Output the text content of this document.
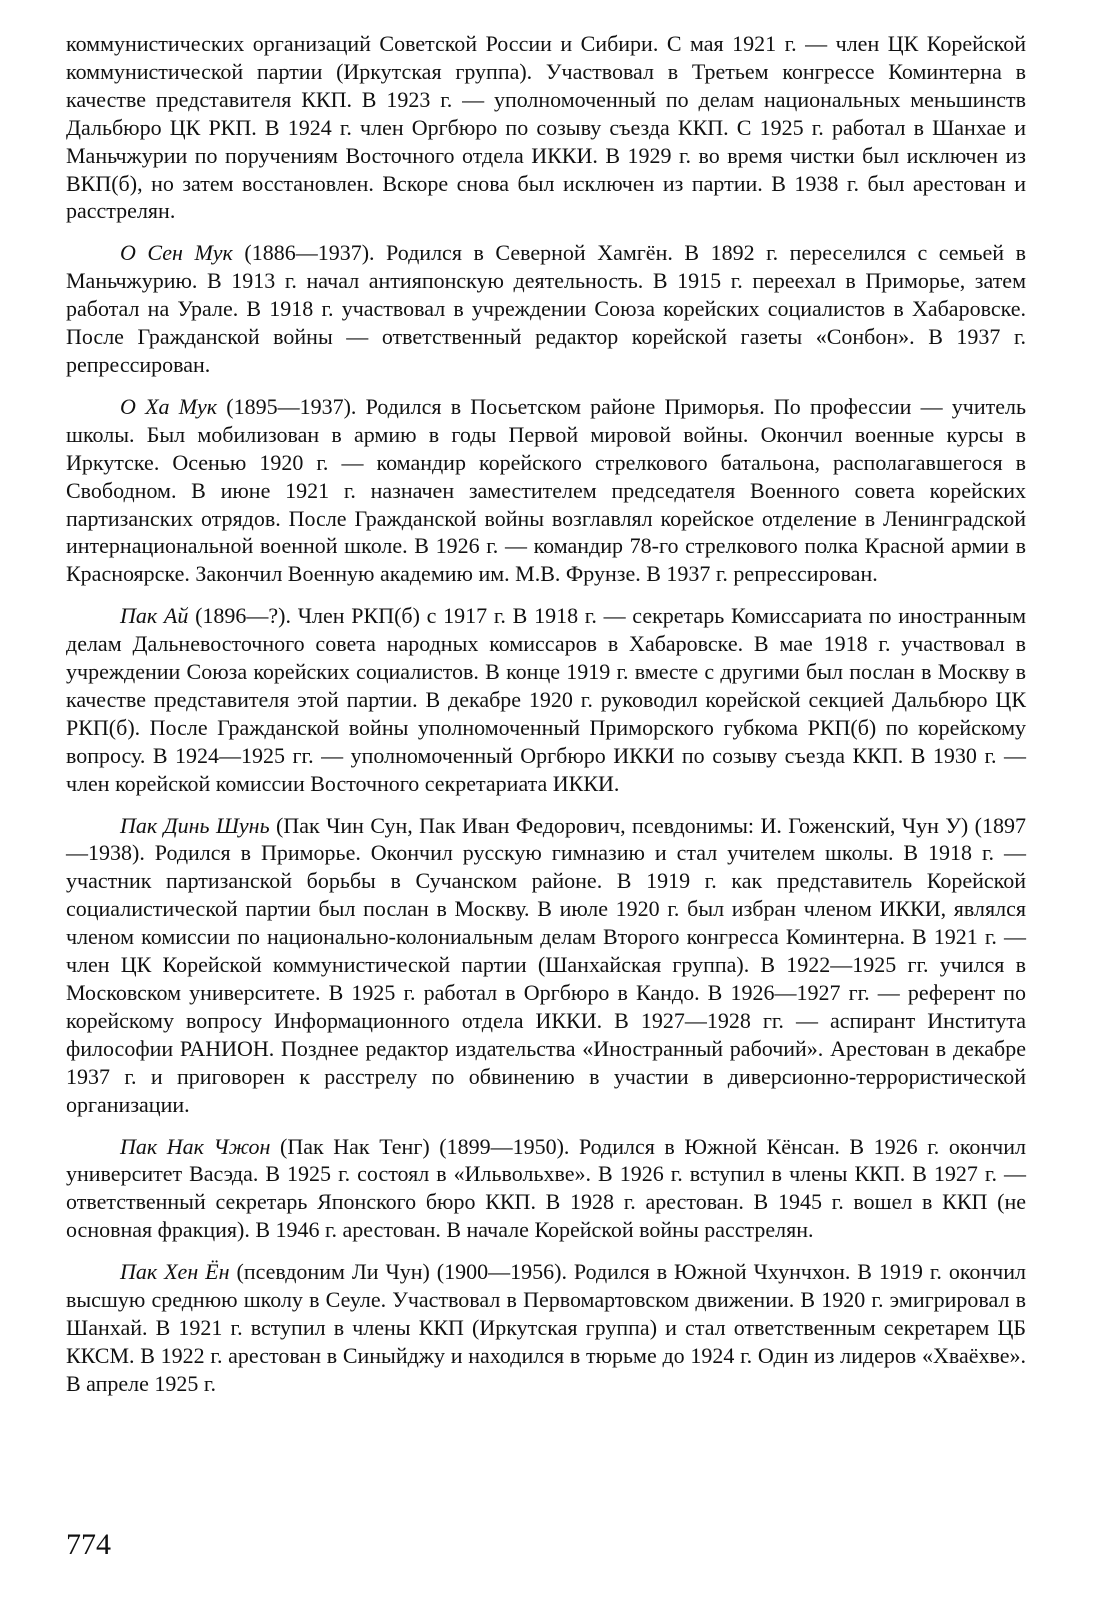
коммунистических организаций Советской России и Сибири. С мая 1921 г. — член ЦК Корейской коммунистической партии (Иркутская группа). Участвовал в Третьем конгрессе Коминтерна в качестве представителя ККП. В 1923 г. — уполномоченный по делам национальных меньшинств Дальбюро ЦК РКП. В 1924 г. член Оргбюро по созыву съезда ККП. С 1925 г. работал в Шанхае и Маньчжурии по поручениям Восточного отдела ИККИ. В 1929 г. во время чистки был исключен из ВКП(б), но затем восстановлен. Вскоре снова был исключен из партии. В 1938 г. был арестован и расстрелян.

О Сен Мук (1886—1937). Родился в Северной Хамгён. В 1892 г. переселился с семьей в Маньчжурию. В 1913 г. начал антияпонскую деятельность. В 1915 г. переехал в Приморье, затем работал на Урале. В 1918 г. участвовал в учреждении Союза корейских социалистов в Хабаровске. После Гражданской войны — ответственный редактор корейской газеты «Сонбон». В 1937 г. репрессирован.

О Ха Мук (1895—1937). Родился в Посьетском районе Приморья. По профессии — учитель школы. Был мобилизован в армию в годы Первой мировой войны. Окончил военные курсы в Иркутске. Осенью 1920 г. — командир корейского стрелкового батальона, располагавшегося в Свободном. В июне 1921 г. назначен заместителем председателя Военного совета корейских партизанских отрядов. После Гражданской войны возглавлял корейское отделение в Ленинградской интернациональной военной школе. В 1926 г. — командир 78-го стрелкового полка Красной армии в Красноярске. Закончил Военную академию им. М.В. Фрунзе. В 1937 г. репрессирован.

Пак Ай (1896—?). Член РКП(б) с 1917 г. В 1918 г. — секретарь Комиссариата по иностранным делам Дальневосточного совета народных комиссаров в Хабаровске. В мае 1918 г. участвовал в учреждении Союза корейских социалистов. В конце 1919 г. вместе с другими был послан в Москву в качестве представителя этой партии. В декабре 1920 г. руководил корейской секцией Дальбюро ЦК РКП(б). После Гражданской войны уполномоченный Приморского губкома РКП(б) по корейскому вопросу. В 1924—1925 гг. — уполномоченный Оргбюро ИККИ по созыву съезда ККП. В 1930 г. — член корейской комиссии Восточного секретариата ИККИ.

Пак Динь Шунь (Пак Чин Сун, Пак Иван Федорович, псевдонимы: И. Гоженский, Чун У) (1897—1938). Родился в Приморье. Окончил русскую гимназию и стал учителем школы. В 1918 г. — участник партизанской борьбы в Сучанском районе. В 1919 г. как представитель Корейской социалистической партии был послан в Москву. В июле 1920 г. был избран членом ИККИ, являлся членом комиссии по национально-колониальным делам Второго конгресса Коминтерна. В 1921 г. — член ЦК Корейской коммунистической партии (Шанхайская группа). В 1922—1925 гг. учился в Московском университете. В 1925 г. работал в Оргбюро в Кандо. В 1926—1927 гг. — референт по корейскому вопросу Информационного отдела ИККИ. В 1927—1928 гг. — аспирант Института философии РАНИОН. Позднее редактор издательства «Иностранный рабочий». Арестован в декабре 1937 г. и приговорен к расстрелу по обвинению в участии в диверсионно-террористической организации.

Пак Нак Чжон (Пак Нак Тенг) (1899—1950). Родился в Южной Кёнсан. В 1926 г. окончил университет Васэда. В 1925 г. состоял в «Ильвольхве». В 1926 г. вступил в члены ККП. В 1927 г. — ответственный секретарь Японского бюро ККП. В 1928 г. арестован. В 1945 г. вошел в ККП (не основная фракция). В 1946 г. арестован. В начале Корейской войны расстрелян.

Пак Хен Ён (псевдоним Ли Чун) (1900—1956). Родился в Южной Чхунчхон. В 1919 г. окончил высшую среднюю школу в Сеуле. Участвовал в Первомартовском движении. В 1920 г. эмигрировал в Шанхай. В 1921 г. вступил в члены ККП (Иркутская группа) и стал ответственным секретарем ЦБ ККСМ. В 1922 г. арестован в Синыйджу и находился в тюрьме до 1924 г. Один из лидеров «Хваёхве». В апреле 1925 г.

774
